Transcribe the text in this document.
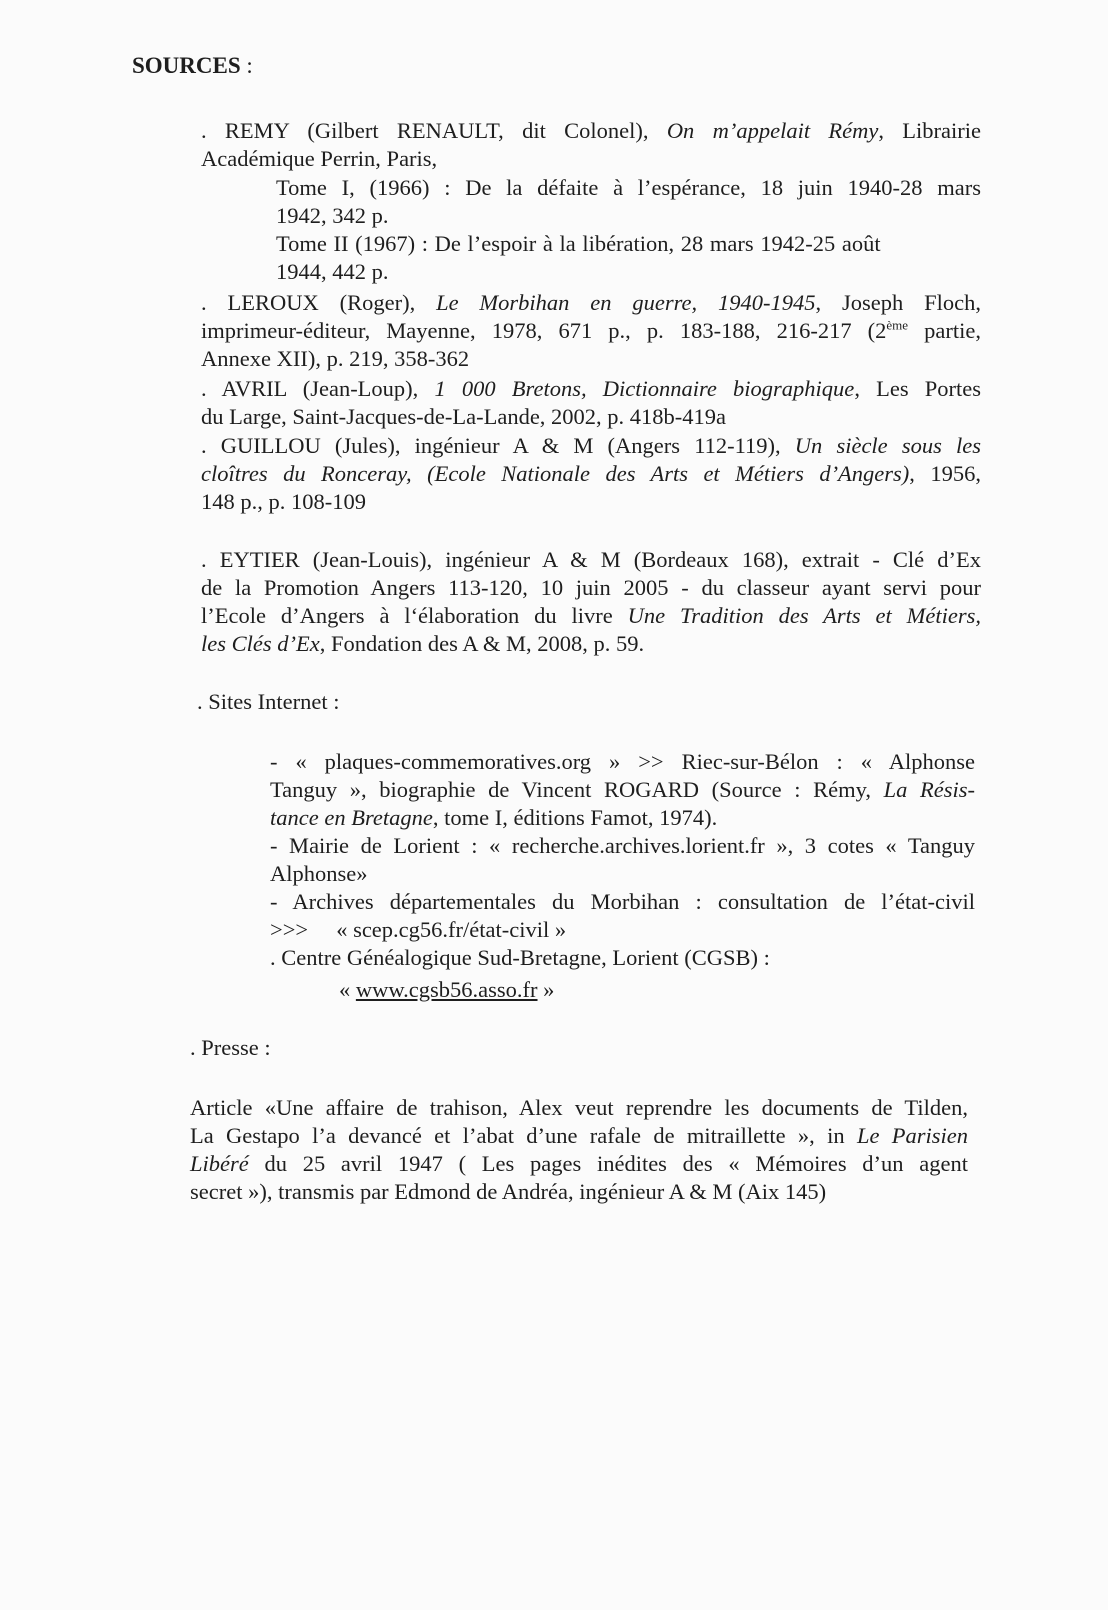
SOURCES :
. REMY (Gilbert RENAULT, dit Colonel), On m’appelait Rémy, Librairie
Académique Perrin, Paris,
Tome I, (1966) : De la défaite à l’espérance, 18 juin 1940-28 mars
1942, 342 p.
Tome II (1967) : De l’espoir à la libération, 28 mars 1942-25 août
1944, 442 p.
. LEROUX (Roger), Le Morbihan en guerre, 1940-1945, Joseph Floch,
imprimeur-éditeur, Mayenne, 1978, 671 p., p. 183-188, 216-217 (2ème partie,
Annexe XII), p. 219, 358-362
. AVRIL (Jean-Loup), 1 000 Bretons, Dictionnaire biographique, Les Portes
du Large, Saint-Jacques-de-La-Lande, 2002, p. 418b-419a
. GUILLOU (Jules), ingénieur A & M (Angers 112-119), Un siècle sous les
cloîtres du Ronceray, (Ecole Nationale des Arts et Métiers d’Angers), 1956,
148 p., p. 108-109
. EYTIER (Jean-Louis), ingénieur A & M (Bordeaux 168), extrait - Clé d’Ex
de la Promotion Angers 113-120, 10 juin 2005 - du classeur ayant servi pour
l’Ecole d’Angers à l‘élaboration du livre Une Tradition des Arts et Métiers,
les Clés d’Ex, Fondation des A & M, 2008, p. 59.
. Sites Internet :
- « plaques-commemoratives.org » >> Riec-sur-Bélon : « Alphonse
Tanguy », biographie de Vincent ROGARD (Source : Rémy, La Résis-
tance en Bretagne, tome I, éditions Famot, 1974).
- Mairie de Lorient : « recherche.archives.lorient.fr », 3 cotes « Tanguy
Alphonse»
- Archives départementales du Morbihan : consultation de l’état-civil
>>>     « scep.cg56.fr/état-civil »
. Centre Généalogique Sud-Bretagne, Lorient (CGSB) :
« www.cgsb56.asso.fr »
. Presse :
Article «Une affaire de trahison, Alex veut reprendre les documents de Tilden,
La Gestapo l’a devancé et l’abat d’une rafale de mitraillette », in Le Parisien
Libéré du 25 avril 1947 ( Les pages inédites des « Mémoires d’un agent
secret »), transmis par Edmond de Andréa, ingénieur A & M (Aix 145)
